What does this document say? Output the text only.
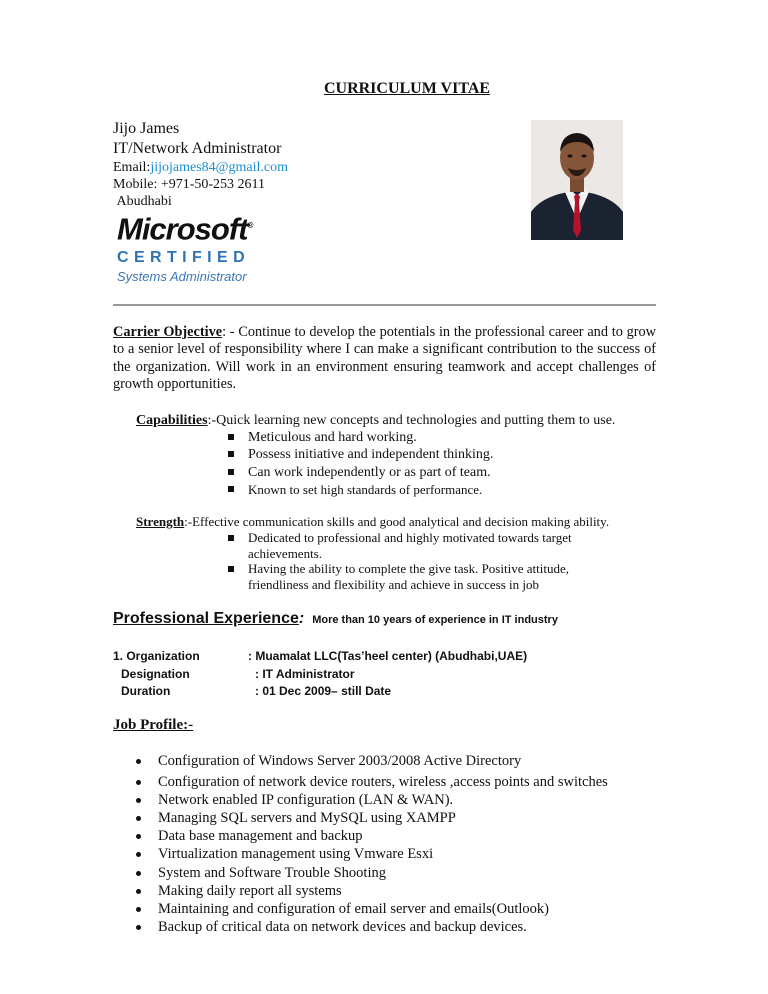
CURRICULUM VITAE
Jijo James
IT/Network Administrator
Email:jijojames84@gmail.com
Mobile: +971-50-253 2611
Abudhabi
Microsoft®
CERTIFIED
Systems Administrator
Carrier Objective: - Continue to develop the potentials in the professional career and to grow to a senior level of responsibility where I can make a significant contribution to the success of the organization. Will work in an environment ensuring teamwork and accept challenges of growth opportunities.
Capabilities:-Quick learning new concepts and technologies and putting them to use.
Meticulous and hard working.
Possess initiative and independent thinking.
Can work independently or as part of team.
Known to set high standards of performance.
Strength:-Effective communication skills and good analytical and decision making ability.
Dedicated to professional and highly motivated towards target achievements.
Having the ability to complete the give task. Positive attitude, friendliness and flexibility and achieve in success in job
Professional Experience: More than 10 years of experience in IT industry
1. Organization	: Muamalat LLC(Tas’heel center) (Abudhabi,UAE)
Designation	: IT Administrator
Duration	: 01 Dec 2009– still Date
Job Profile:-
Configuration of Windows Server 2003/2008 Active Directory
Configuration of network device routers, wireless ,access points and switches
Network enabled IP configuration (LAN & WAN).
Managing SQL servers and MySQL using XAMPP
Data base management and backup
Virtualization management using Vmware Esxi
System and Software Trouble Shooting
Making daily report all systems
Maintaining and configuration of email server and emails(Outlook)
Backup of critical data on network devices and backup devices.
